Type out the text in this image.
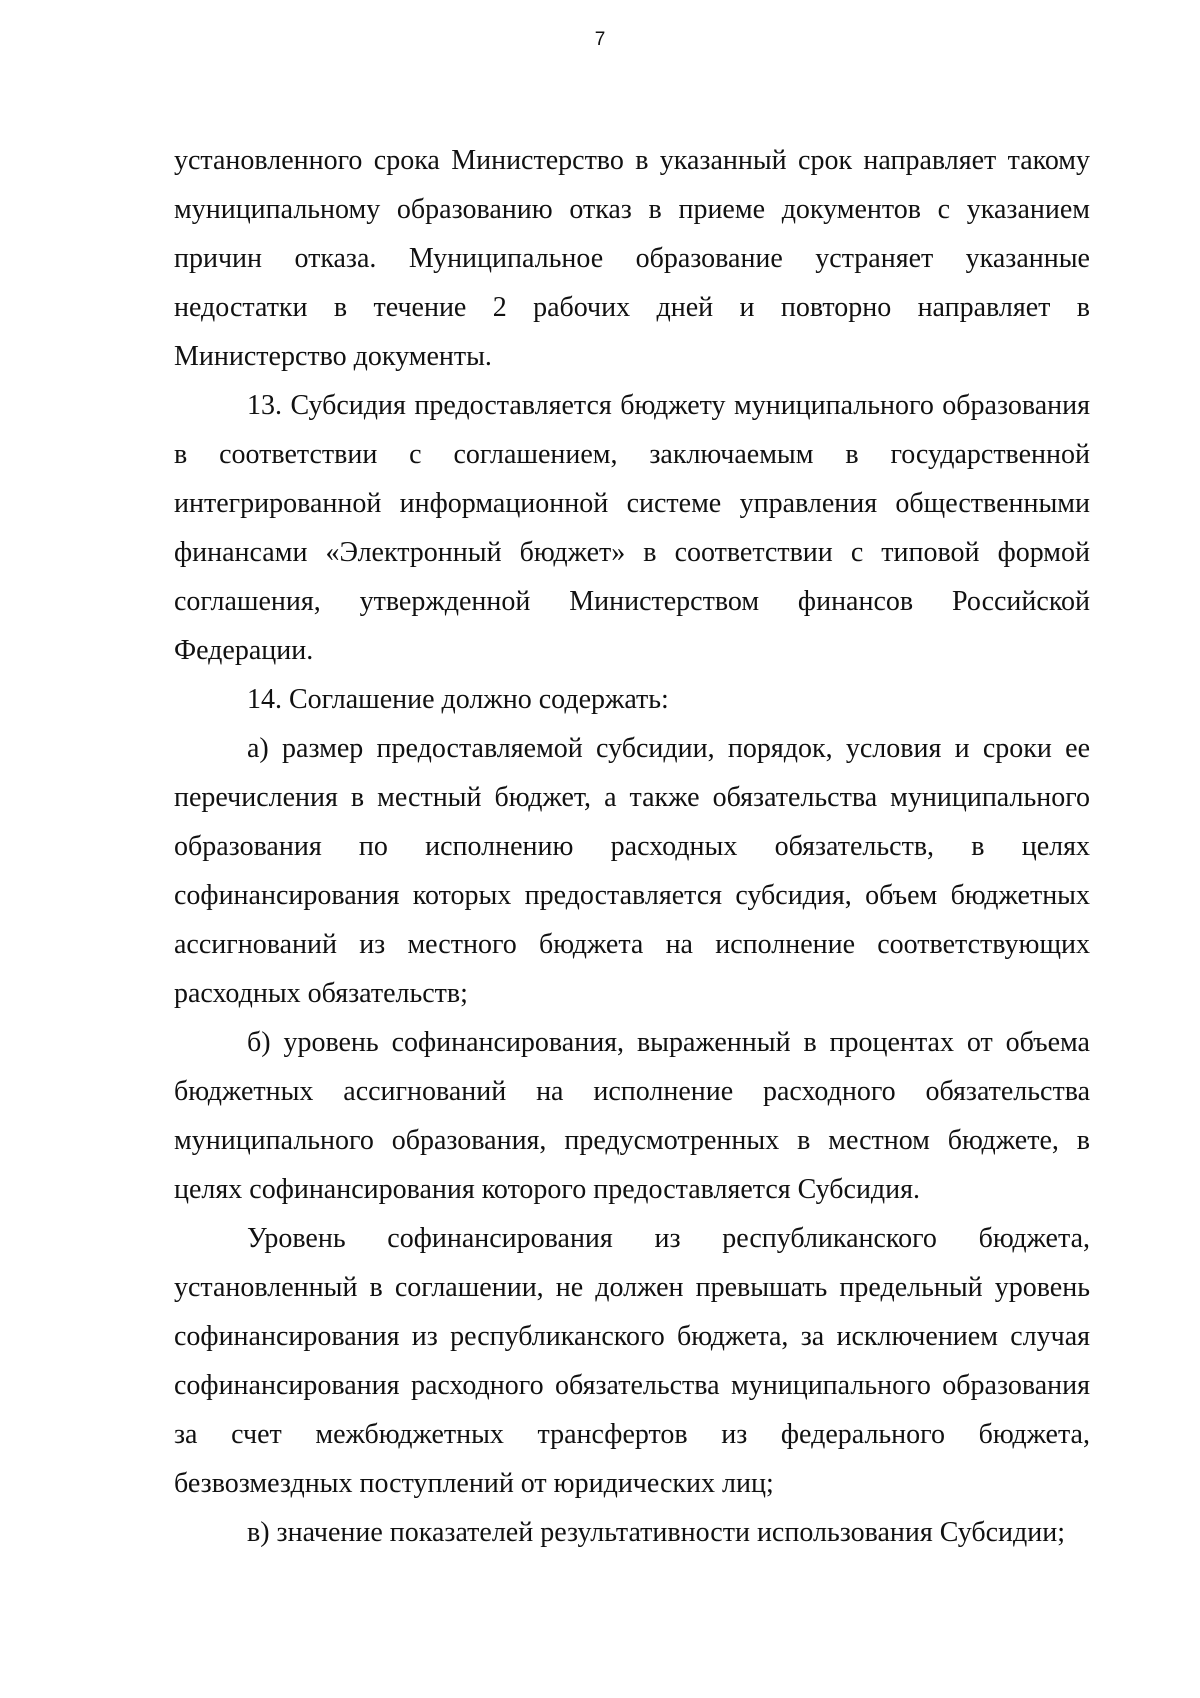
7

установленного срока Министерство в указанный срок направляет такому муниципальному образованию отказ в приеме документов с указанием причин отказа. Муниципальное образование устраняет указанные недостатки в течение 2 рабочих дней и повторно направляет в Министерство документы.

13. Субсидия предоставляется бюджету муниципального образования в соответствии с соглашением, заключаемым в государственной интегрированной информационной системе управления общественными финансами «Электронный бюджет» в соответствии с типовой формой соглашения, утвержденной Министерством финансов Российской Федерации.

14. Соглашение должно содержать:

а) размер предоставляемой субсидии, порядок, условия и сроки ее перечисления в местный бюджет, а также обязательства муниципального образования по исполнению расходных обязательств, в целях софинансирования которых предоставляется субсидия, объем бюджетных ассигнований из местного бюджета на исполнение соответствующих расходных обязательств;

б) уровень софинансирования, выраженный в процентах от объема бюджетных ассигнований на исполнение расходного обязательства муниципального образования, предусмотренных в местном бюджете, в целях софинансирования которого предоставляется Субсидия.

Уровень софинансирования из республиканского бюджета, установленный в соглашении, не должен превышать предельный уровень софинансирования из республиканского бюджета, за исключением случая софинансирования расходного обязательства муниципального образования за счет межбюджетных трансфертов из федерального бюджета, безвозмездных поступлений от юридических лиц;

в) значение показателей результативности использования Субсидии;
